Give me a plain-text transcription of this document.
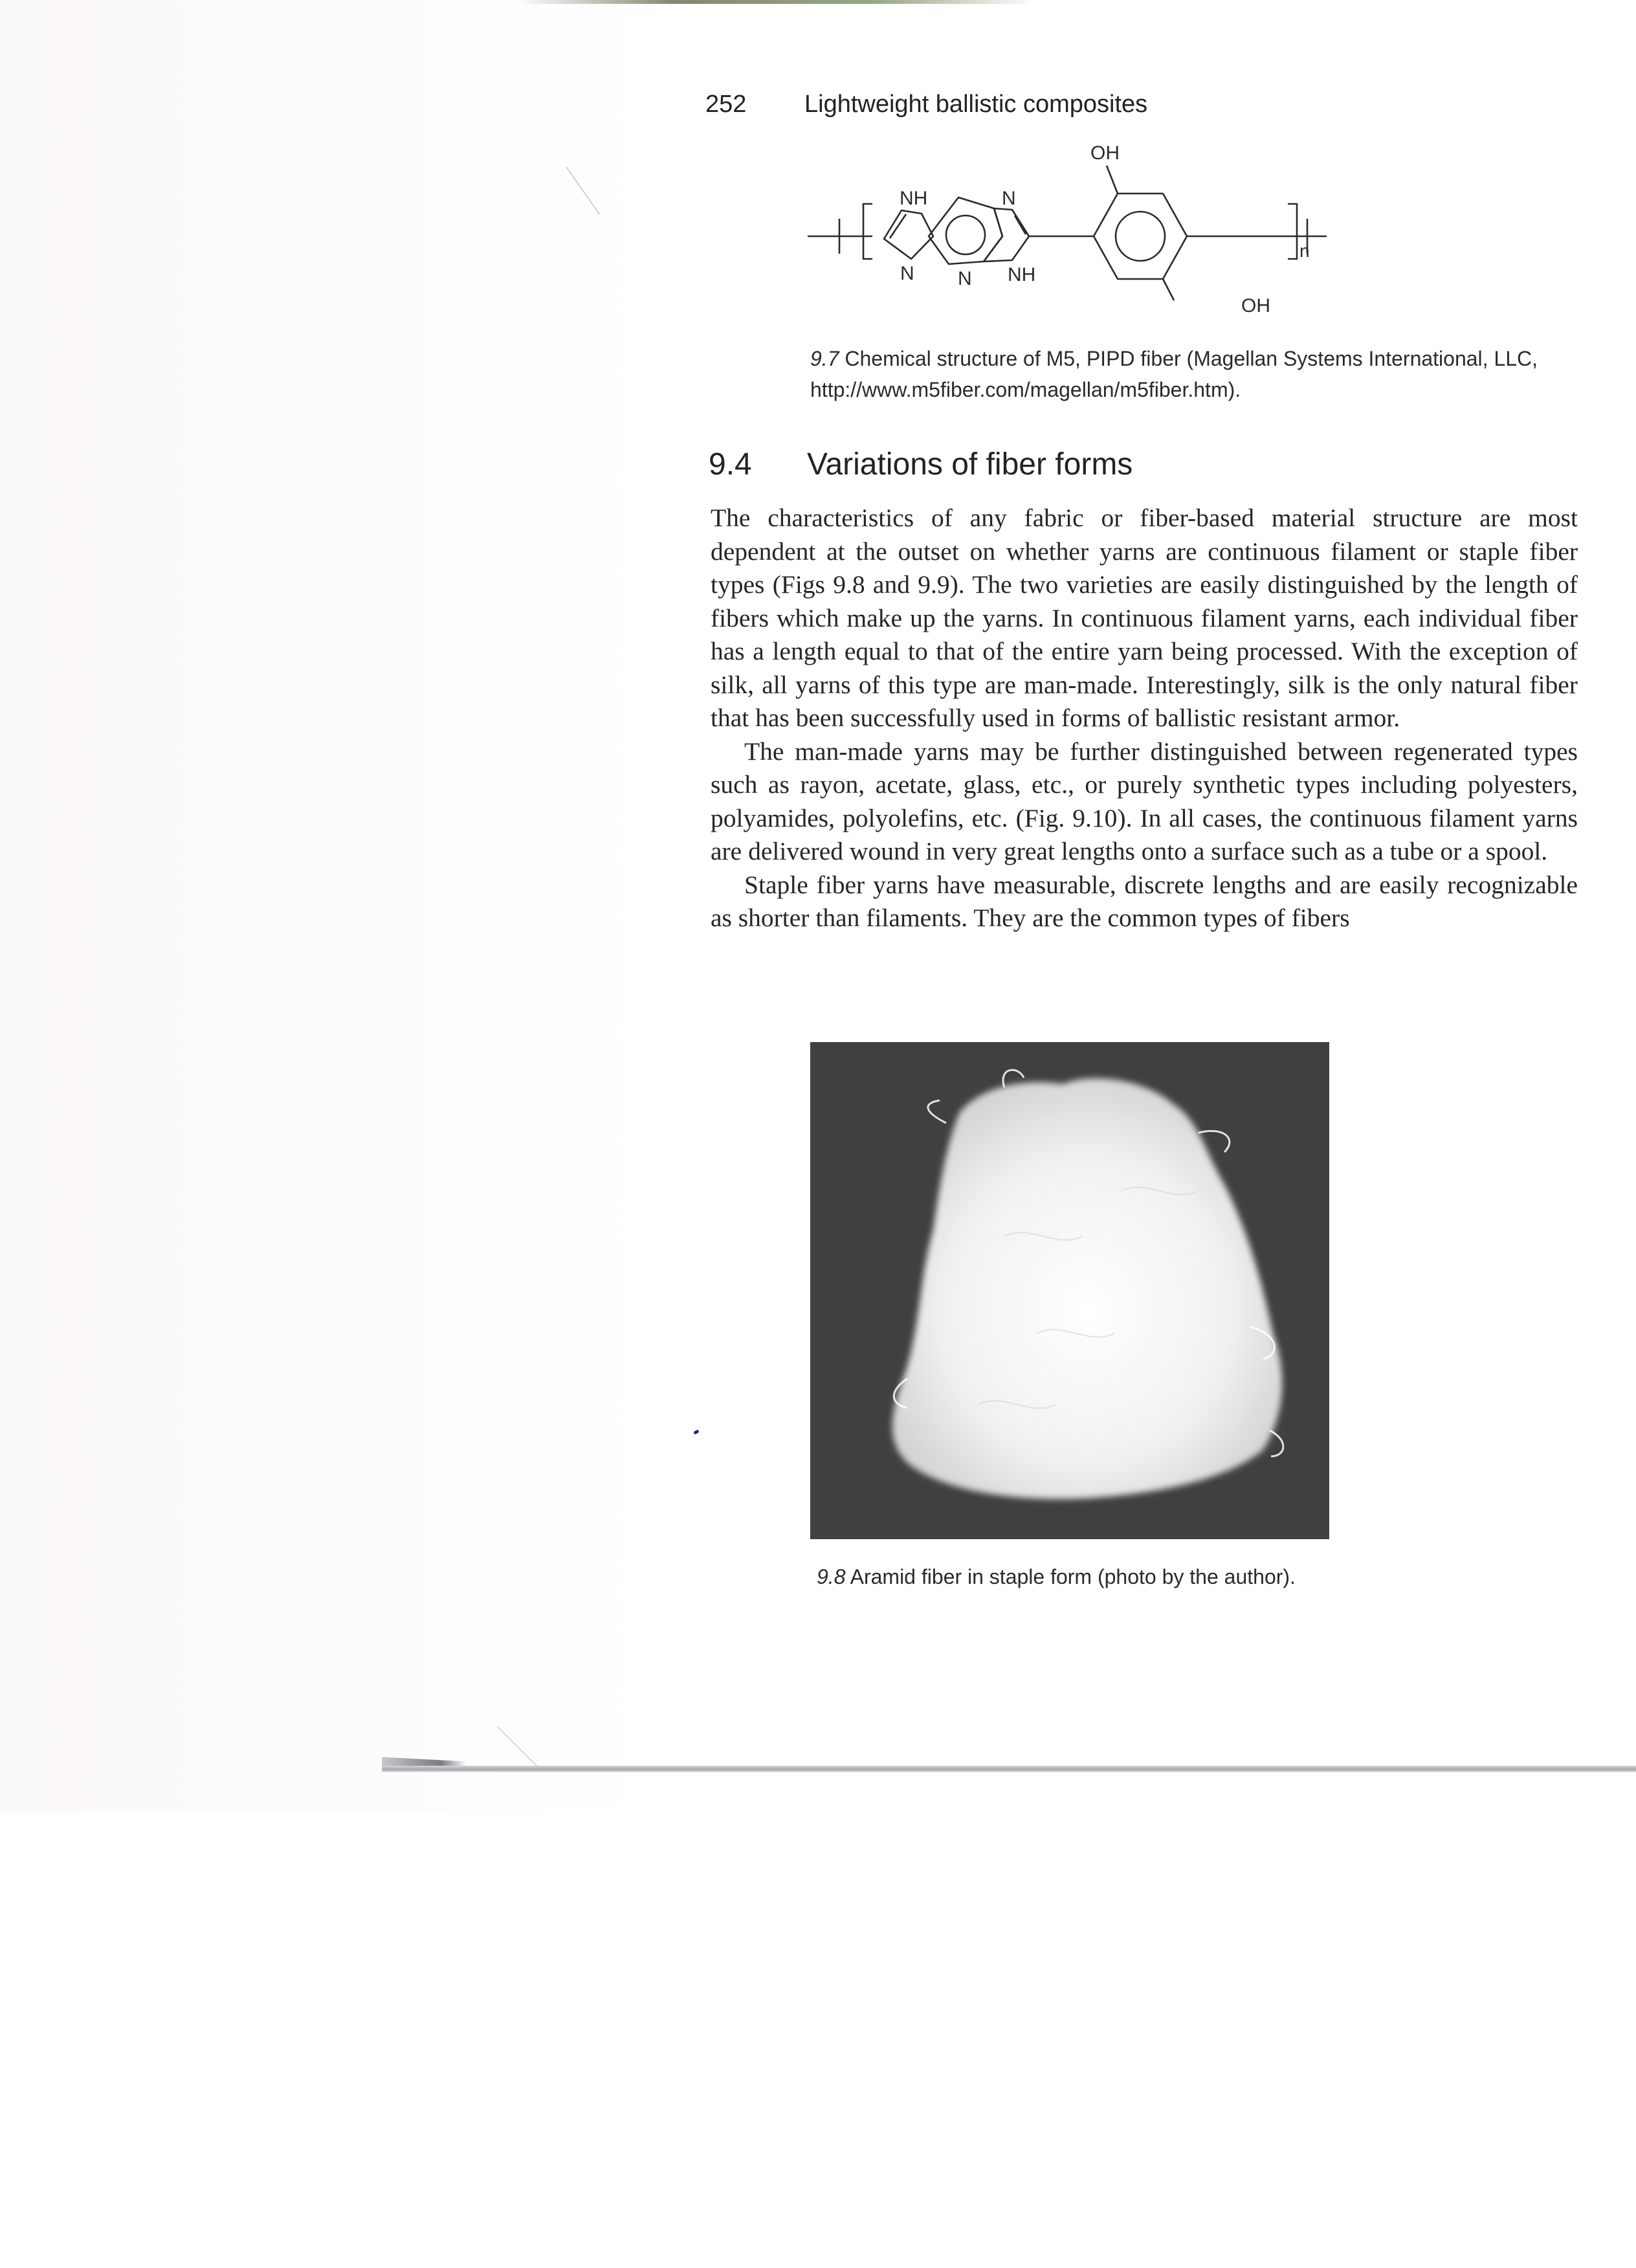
252 Lightweight ballistic composites
NH	N
OH
N N NH
OH
n
9.7 Chemical structure of M5, PIPD fiber (Magellan Systems International, LLC, http://www.m5fiber.com/magellan/m5fiber.htm).
9.4 Variations of fiber forms

The characteristics of any fabric or fiber-based material structure are most dependent at the outset on whether yarns are continuous filament or staple fiber types (Figs 9.8 and 9.9). The two varieties are easily distinguished by the length of fibers which make up the yarns. In continuous filament yarns, each individual fiber has a length equal to that of the entire yarn being processed. With the exception of silk, all yarns of this type are man-made. Interestingly, silk is the only natural fiber that has been successfully used in forms of ballistic resistant armor.

The man-made yarns may be further distinguished between regenerated types such as rayon, acetate, glass, etc., or purely synthetic types including polyesters, polyamides, polyolefins, etc. (Fig. 9.10). In all cases, the continuous filament yarns are delivered wound in very great lengths onto a surface such as a tube or a spool.

Staple fiber yarns have measurable, discrete lengths and are easily recognizable as shorter than filaments. They are the common types of fibers

9.8 Aramid fiber in staple form (photo by the author).
